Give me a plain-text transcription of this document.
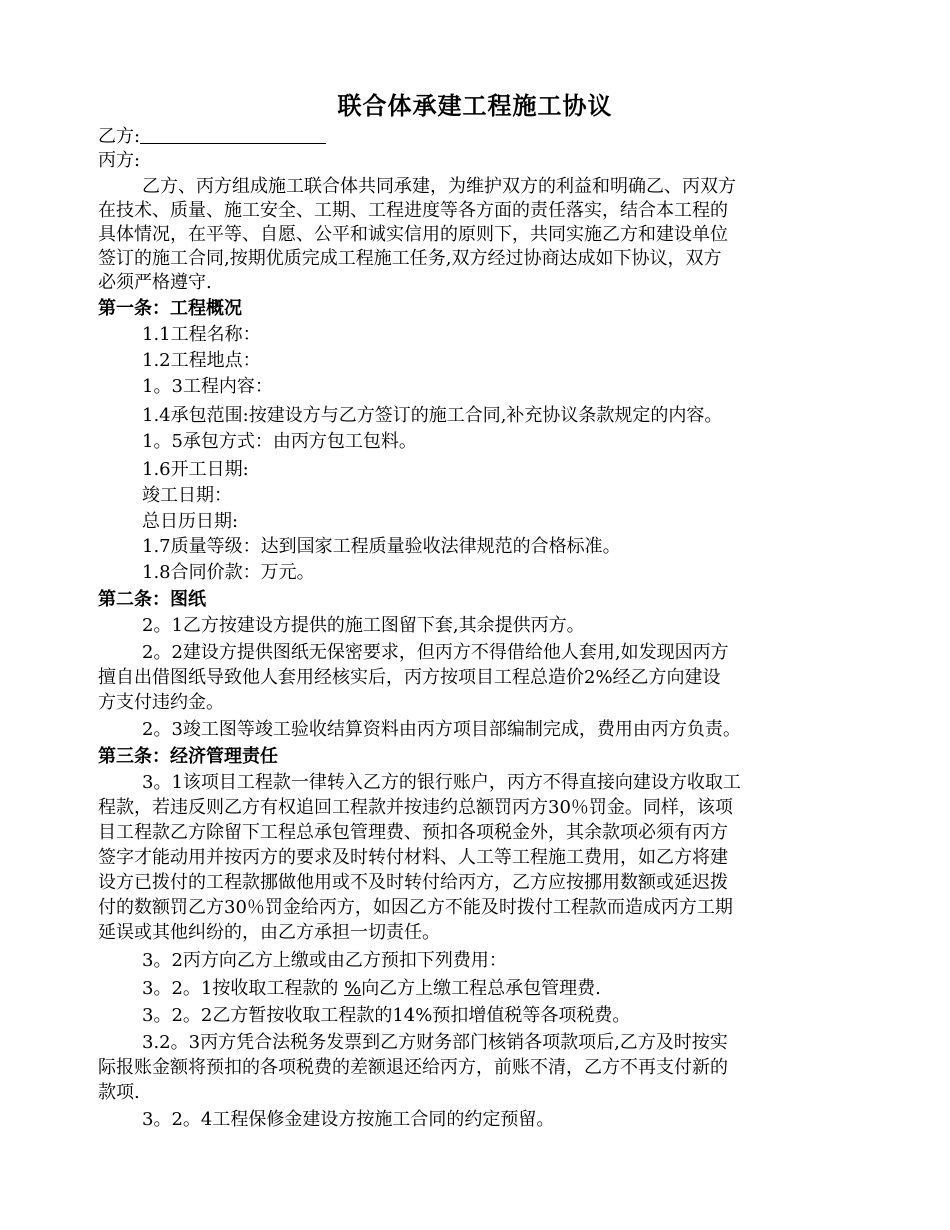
联合体承建工程施工协议
乙方:
丙方:
乙方、丙方组成施工联合体共同承建，为维护双方的利益和明确乙、丙双方
在技术、质量、施工安全、工期、工程进度等各方面的责任落实，结合本工程的
具体情况，在平等、自愿、公平和诚实信用的原则下，共同实施乙方和建设单位
签订的施工合同,按期优质完成工程施工任务,双方经过协商达成如下协议，双方
必须严格遵守.
第一条：工程概况
1.1工程名称：
1.2工程地点：
1。3工程内容：
1.4承包范围:按建设方与乙方签订的施工合同,补充协议条款规定的内容。
1。5承包方式：由丙方包工包料。
1.6开工日期:
竣工日期：
总日历日期:
1.7质量等级：达到国家工程质量验收法律规范的合格标准。
1.8合同价款：万元。
第二条：图纸
2。1乙方按建设方提供的施工图留下套,其余提供丙方。
2。2建设方提供图纸无保密要求，但丙方不得借给他人套用,如发现因丙方
擅自出借图纸导致他人套用经核实后，丙方按项目工程总造价2%经乙方向建设
方支付违约金。
2。3竣工图等竣工验收结算资料由丙方项目部编制完成，费用由丙方负责。
第三条：经济管理责任
3。1该项目工程款一律转入乙方的银行账户，丙方不得直接向建设方收取工
程款，若违反则乙方有权追回工程款并按违约总额罚丙方30％罚金。同样，该项
目工程款乙方除留下工程总承包管理费、预扣各项税金外，其余款项必须有丙方
签字才能动用并按丙方的要求及时转付材料、人工等工程施工费用，如乙方将建
设方已拨付的工程款挪做他用或不及时转付给丙方，乙方应按挪用数额或延迟拨
付的数额罚乙方30％罚金给丙方，如因乙方不能及时拨付工程款而造成丙方工期
延误或其他纠纷的，由乙方承担一切责任。
3。2丙方向乙方上缴或由乙方预扣下列费用：
3。2。1按收取工程款的 %向乙方上缴工程总承包管理费.
3。2。2乙方暂按收取工程款的14%预扣增值税等各项税费。
3.2。3丙方凭合法税务发票到乙方财务部门核销各项款项后,乙方及时按实
际报账金额将预扣的各项税费的差额退还给丙方，前账不清，乙方不再支付新的
款项.
3。2。4工程保修金建设方按施工合同的约定预留。
